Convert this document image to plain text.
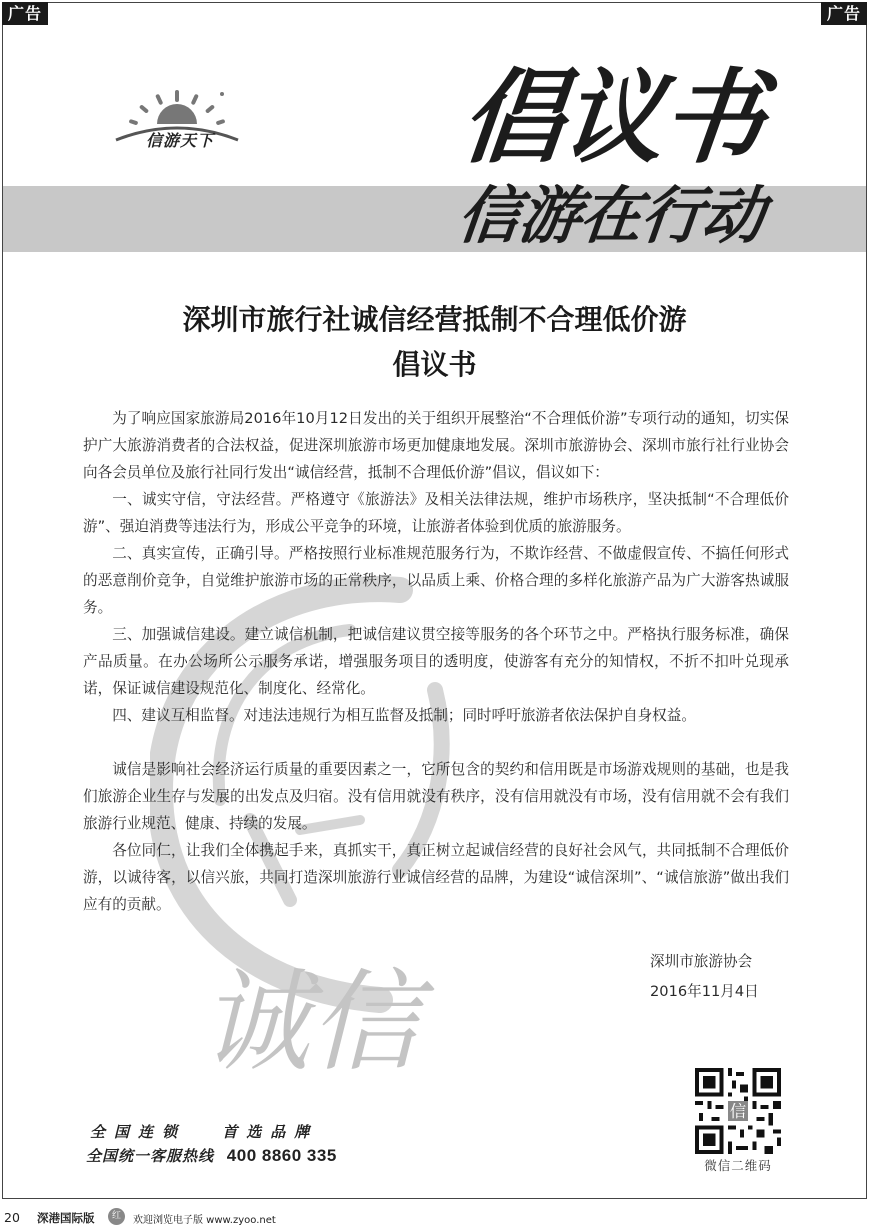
广告	广告
信游天下 倡议书
信游在行动
诚信
深圳市旅行社诚信经营抵制不合理低价游
倡议书

为了响应国家旅游局2016年10月12日发出的关于组织开展整治“不合理低价游”专项行动的通知，切实保护广大旅游消费者的合法权益，促进深圳旅游市场更加健康地发展。深圳市旅游协会、深圳市旅行社行业协会向各会员单位及旅行社同行发出“诚信经营，抵制不合理低价游”倡议，倡议如下：

一、诚实守信，守法经营。严格遵守《旅游法》及相关法律法规，维护市场秩序，坚决抵制“不合理低价游”、强迫消费等违法行为，形成公平竞争的环境，让旅游者体验到优质的旅游服务。

二、真实宣传，正确引导。严格按照行业标准规范服务行为，不欺诈经营、不做虚假宣传、不搞任何形式的恶意削价竞争，自觉维护旅游市场的正常秩序，以品质上乘、价格合理的多样化旅游产品为广大游客热诚服务。

三、加强诚信建设。建立诚信机制，把诚信建议贯空接等服务的各个环节之中。严格执行服务标准，确保产品质量。在办公场所公示服务承诺，增强服务项目的透明度，使游客有充分的知情权，不折不扣叶兑现承诺，保证诚信建设规范化、制度化、经常化。

四、建议互相监督。对违法违规行为相互监督及抵制；同时呼吁旅游者依法保护自身权益。

诚信是影响社会经济运行质量的重要因素之一，它所包含的契约和信用既是市场游戏规则的基础，也是我们旅游企业生存与发展的出发点及归宿。没有信用就没有秩序，没有信用就没有市场，没有信用就不会有我们旅游行业规范、健康、持续的发展。

各位同仁，让我们全体携起手来，真抓实干，真正树立起诚信经营的良好社会风气，共同抵制不合理低价游，以诚待客，以信兴旅，共同打造深圳旅游行业诚信经营的品牌，为建设“诚信深圳”、“诚信旅游”做出我们应有的贡献。

深圳市旅游协会
2016年11月4日
信
微信二维码
全国连锁 首选品牌
全国统一客服热线 400 8860 335
20 深港国际版	红	欢迎浏览电子版 www.zyoo.net
